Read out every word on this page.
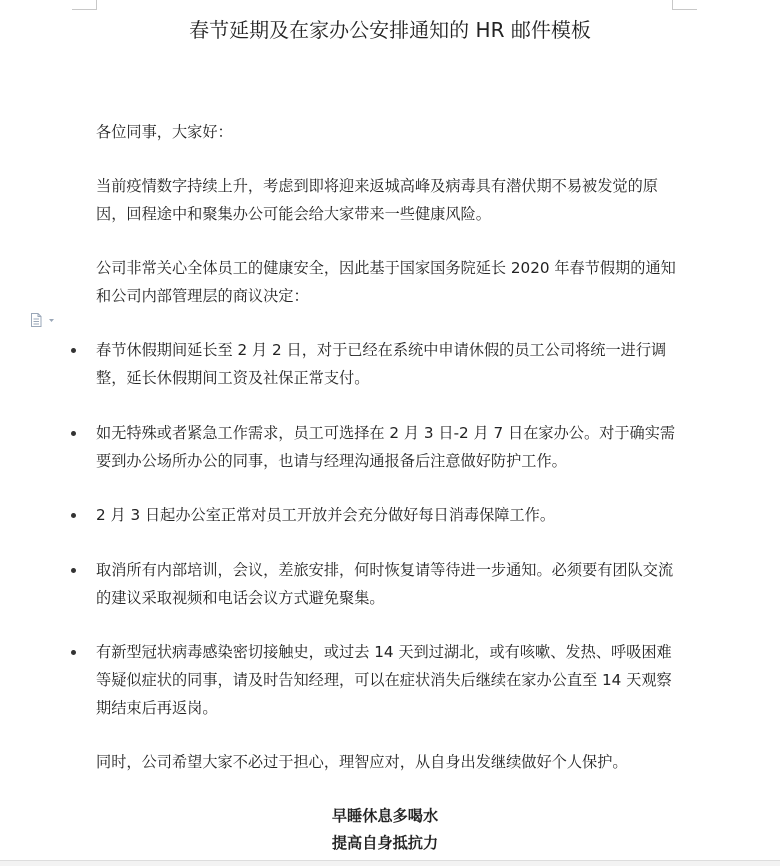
春节延期及在家办公安排通知的 HR 邮件模板

各位同事，大家好：

当前疫情数字持续上升，考虑到即将迎来返城高峰及病毒具有潜伏期不易被发觉的原因，回程途中和聚集办公可能会给大家带来一些健康风险。

公司非常关心全体员工的健康安全，因此基于国家国务院延长 2020 年春节假期的通知和公司内部管理层的商议决定：

春节休假期间延长至 2 月 2 日，对于已经在系统中申请休假的员工公司将统一进行调整，延长休假期间工资及社保正常支付。

如无特殊或者紧急工作需求，员工可选择在 2 月 3 日-2 月 7 日在家办公。对于确实需要到办公场所办公的同事，也请与经理沟通报备后注意做好防护工作。

2 月 3 日起办公室正常对员工开放并会充分做好每日消毒保障工作。

取消所有内部培训，会议，差旅安排，何时恢复请等待进一步通知。必须要有团队交流的建议采取视频和电话会议方式避免聚集。

有新型冠状病毒感染密切接触史，或过去 14 天到过湖北，或有咳嗽、发热、呼吸困难等疑似症状的同事，请及时告知经理，可以在症状消失后继续在家办公直至 14 天观察期结束后再返岗。

同时，公司希望大家不必过于担心，理智应对，从自身出发继续做好个人保护。

早睡休息多喝水
提高自身抵抗力
